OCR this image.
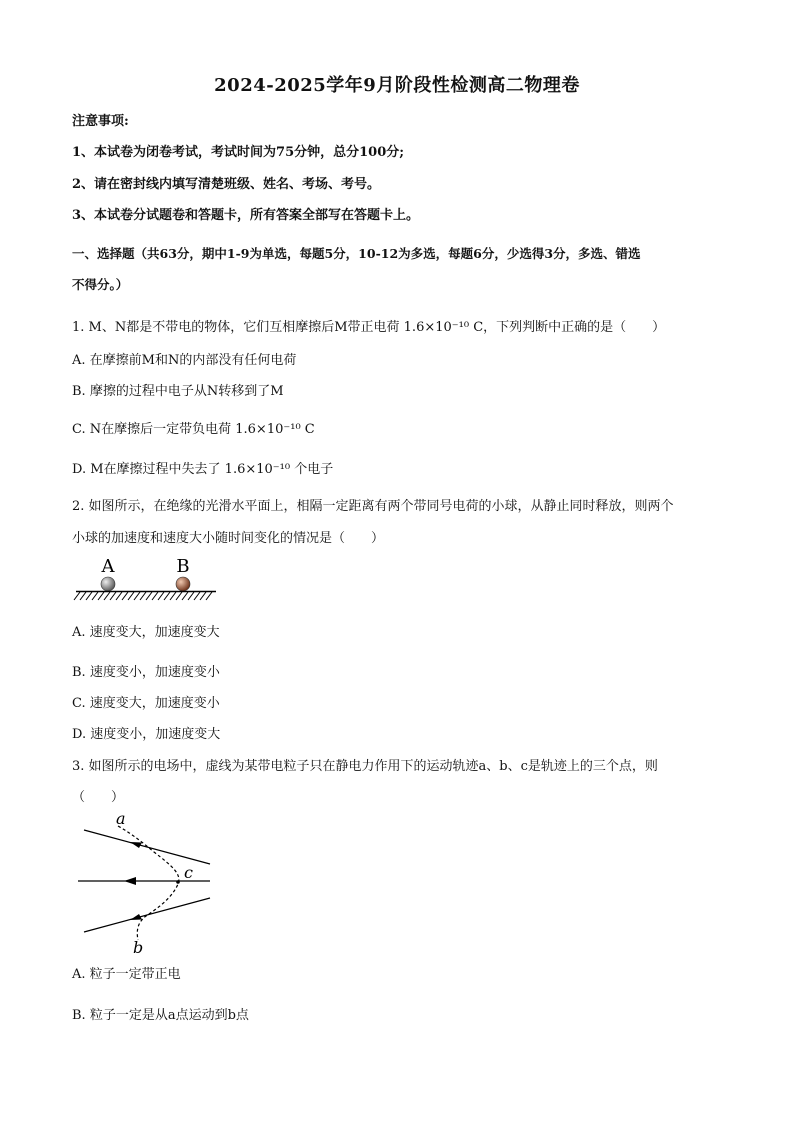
2024-2025学年9月阶段性检测高二物理卷
注意事项:
1、本试卷为闭卷考试，考试时间为75分钟，总分100分;
2、请在密封线内填写清楚班级、姓名、考场、考号。
3、本试卷分试题卷和答题卡，所有答案全部写在答题卡上。
一、选择题（共63分，期中1-9为单选，每题5分，10-12为多选，每题6分，少选得3分，多选、错选
不得分。）
1. M、N都是不带电的物体，它们互相摩擦后M带正电荷 1.6×10⁻¹⁰ C，下列判断中正确的是（　　）
A. 在摩擦前M和N的内部没有任何电荷
B. 摩擦的过程中电子从N转移到了M
C. N在摩擦后一定带负电荷 1.6×10⁻¹⁰ C
D. M在摩擦过程中失去了 1.6×10⁻¹⁰ 个电子
2. 如图所示，在绝缘的光滑水平面上，相隔一定距离有两个带同号电荷的小球，从静止同时释放，则两个
小球的加速度和速度大小随时间变化的情况是（　　）
A	B
A. 速度变大，加速度变大
B. 速度变小，加速度变小
C. 速度变大，加速度变小
D. 速度变小，加速度变大
3. 如图所示的电场中，虚线为某带电粒子只在静电力作用下的运动轨迹a、b、c是轨迹上的三个点，则
（　　）
a
c
b
A. 粒子一定带正电
B. 粒子一定是从a点运动到b点
